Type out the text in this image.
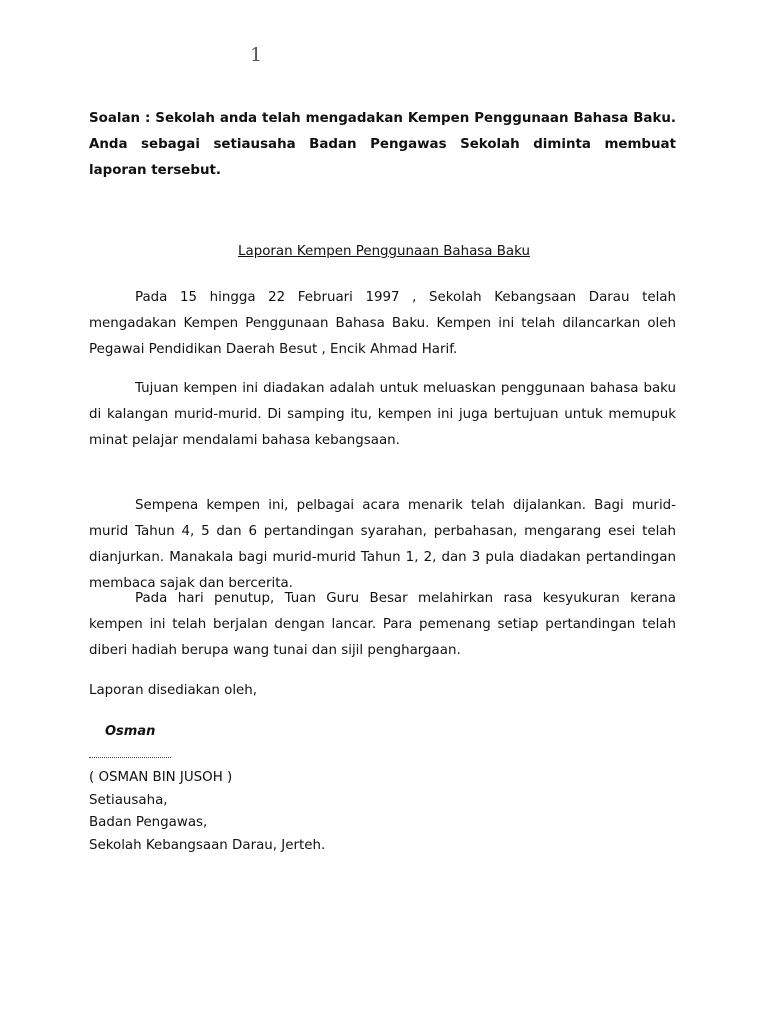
1

Soalan : Sekolah anda telah mengadakan Kempen Penggunaan Bahasa Baku. Anda sebagai setiausaha Badan Pengawas Sekolah diminta membuat laporan tersebut.

Laporan Kempen Penggunaan Bahasa Baku

Pada 15 hingga 22 Februari 1997 , Sekolah Kebangsaan Darau telah mengadakan Kempen Penggunaan Bahasa Baku. Kempen ini telah dilancarkan oleh Pegawai Pendidikan Daerah Besut , Encik Ahmad Harif.

Tujuan kempen ini diadakan adalah untuk meluaskan penggunaan bahasa baku di kalangan murid-murid. Di samping itu, kempen ini juga bertujuan untuk memupuk minat pelajar mendalami bahasa kebangsaan.

Sempena kempen ini, pelbagai acara menarik telah dijalankan. Bagi murid-murid Tahun 4, 5 dan 6 pertandingan syarahan, perbahasan, mengarang esei telah dianjurkan. Manakala bagi murid-murid Tahun 1, 2, dan 3 pula diadakan pertandingan membaca sajak dan bercerita.

Pada hari penutup, Tuan Guru Besar melahirkan rasa kesyukuran kerana kempen ini telah berjalan dengan lancar. Para pemenang setiap pertandingan telah diberi hadiah berupa wang tunai dan sijil penghargaan.

Laporan disediakan oleh,

Osman
( OSMAN BIN JUSOH )
Setiausaha,
Badan Pengawas,
Sekolah Kebangsaan Darau, Jerteh.
